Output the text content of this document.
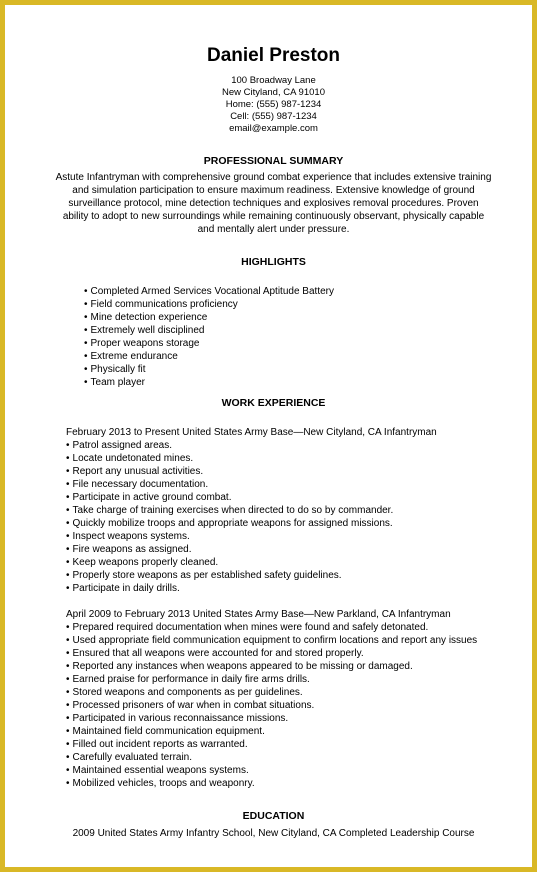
Daniel Preston
100 Broadway Lane
New Cityland, CA 91010
Home: (555) 987-1234
Cell: (555) 987-1234
email@example.com
PROFESSIONAL SUMMARY
Astute Infantryman with comprehensive ground combat experience that includes extensive training and simulation participation to ensure maximum readiness. Extensive knowledge of ground surveillance protocol, mine detection techniques and explosives removal procedures. Proven ability to adopt to new surroundings while remaining continuously observant, physically capable and mentally alert under pressure.
HIGHLIGHTS
• Completed Armed Services Vocational Aptitude Battery
• Field communications proficiency
• Mine detection experience
• Extremely well disciplined
• Proper weapons storage
• Extreme endurance
• Physically fit
• Team player
WORK EXPERIENCE
February 2013 to Present United States Army Base—New Cityland, CA Infantryman
• Patrol assigned areas.
• Locate undetonated mines.
• Report any unusual activities.
• File necessary documentation.
• Participate in active ground combat.
• Take charge of training exercises when directed to do so by commander.
• Quickly mobilize troops and appropriate weapons for assigned missions.
• Inspect weapons systems.
• Fire weapons as assigned.
• Keep weapons properly cleaned.
• Properly store weapons as per established safety guidelines.
• Participate in daily drills.
April 2009 to February 2013 United States Army Base—New Parkland, CA Infantryman
• Prepared required documentation when mines were found and safely detonated.
• Used appropriate field communication equipment to confirm locations and report any issues
• Ensured that all weapons were accounted for and stored properly.
• Reported any instances when weapons appeared to be missing or damaged.
• Earned praise for performance in daily fire arms drills.
• Stored weapons and components as per guidelines.
• Processed prisoners of war when in combat situations.
• Participated in various reconnaissance missions.
• Maintained field communication equipment.
• Filled out incident reports as warranted.
• Carefully evaluated terrain.
• Maintained essential weapons systems.
• Mobilized vehicles, troops and weaponry.
EDUCATION
2009 United States Army Infantry School, New Cityland, CA Completed Leadership Course
